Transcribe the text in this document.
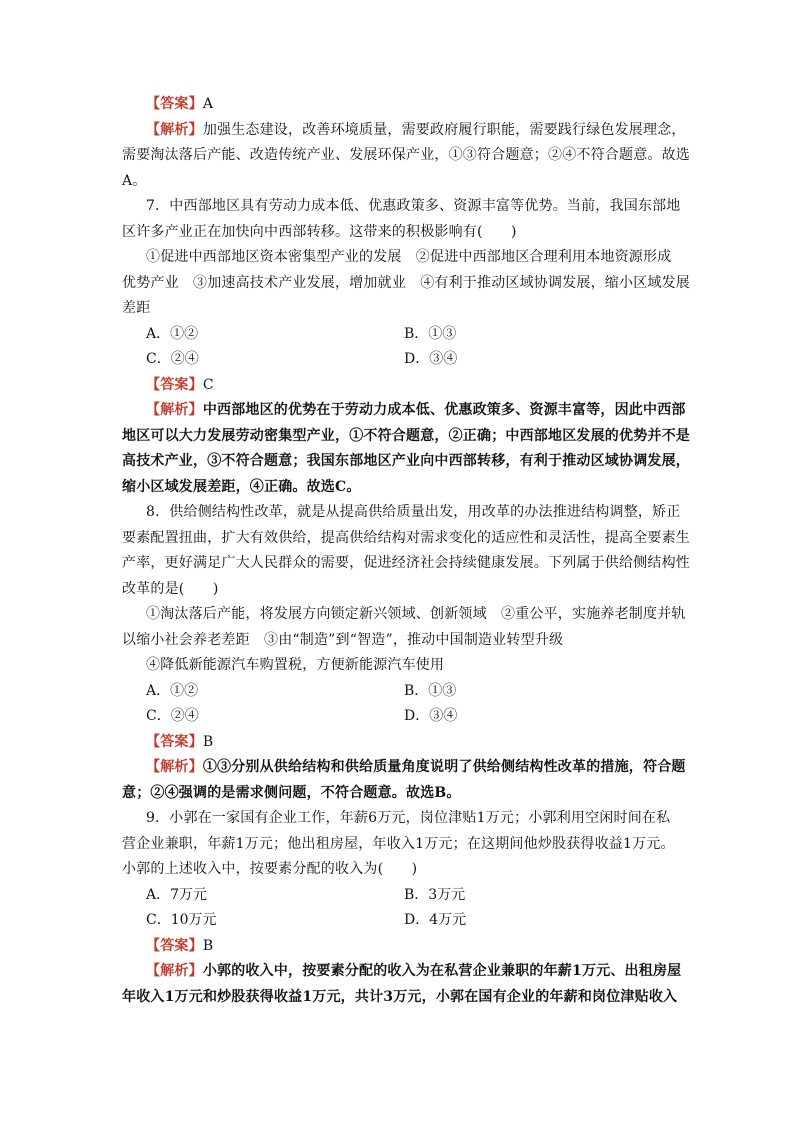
【答案】A
【解析】加强生态建设，改善环境质量，需要政府履行职能，需要践行绿色发展理念，
需要淘汰落后产能、改造传统产业、发展环保产业，①③符合题意；②④不符合题意。故选
A。
7．中西部地区具有劳动力成本低、优惠政策多、资源丰富等优势。当前，我国东部地
区许多产业正在加快向中西部转移。这带来的积极影响有(　　)
①促进中西部地区资本密集型产业的发展　②促进中西部地区合理利用本地资源形成
优势产业　③加速高技术产业发展，增加就业　④有利于推动区域协调发展，缩小区域发展
差距
A．①②	B．①③
C．②④	D．③④
【答案】C
【解析】中西部地区的优势在于劳动力成本低、优惠政策多、资源丰富等，因此中西部
地区可以大力发展劳动密集型产业，①不符合题意，②正确；中西部地区发展的优势并不是
高技术产业，③不符合题意；我国东部地区产业向中西部转移，有利于推动区域协调发展，
缩小区域发展差距，④正确。故选C。
8．供给侧结构性改革，就是从提高供给质量出发，用改革的办法推进结构调整，矫正
要素配置扭曲，扩大有效供给，提高供给结构对需求变化的适应性和灵活性，提高全要素生
产率，更好满足广大人民群众的需要，促进经济社会持续健康发展。下列属于供给侧结构性
改革的是(　　)
①淘汰落后产能，将发展方向锁定新兴领域、创新领域　②重公平，实施养老制度并轨
以缩小社会养老差距　③由“制造”到“智造”，推动中国制造业转型升级
④降低新能源汽车购置税，方便新能源汽车使用
A．①②	B．①③
C．②④	D．③④
【答案】B
【解析】①③分别从供给结构和供给质量角度说明了供给侧结构性改革的措施，符合题
意；②④强调的是需求侧问题，不符合题意。故选B。
9．小郭在一家国有企业工作，年薪6万元，岗位津贴1万元；小郭利用空闲时间在私
营企业兼职，年薪1万元；他出租房屋，年收入1万元；在这期间他炒股获得收益1万元。
小郭的上述收入中，按要素分配的收入为(　　)
A．7万元	B．3万元
C．10万元	D．4万元
【答案】B
【解析】小郭的收入中，按要素分配的收入为在私营企业兼职的年薪1万元、出租房屋
年收入1万元和炒股获得收益1万元，共计3万元，小郭在国有企业的年薪和岗位津贴收入
